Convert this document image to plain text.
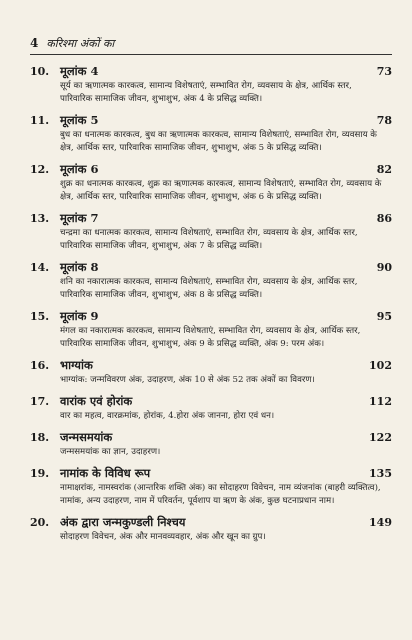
4 करिश्मा अंकों का
10. मूलांक 4	73
सूर्य का ऋणात्मक कारकत्व, सामान्य विशेषताएं, सम्भावित रोग, व्यवसाय के क्षेत्र, आर्थिक स्तर, पारिवारिक सामाजिक जीवन, शुभाशुभ, अंक 4 के प्रसिद्ध व्यक्ति।
11. मूलांक 5	78
बुध का धनात्मक कारकत्व, बुध का ऋणात्मक कारकत्व, सामान्य विशेषताएं, सम्भावित रोग, व्यवसाय के क्षेत्र, आर्थिक स्तर, पारिवारिक सामाजिक जीवन, शुभाशुभ, अंक 5 के प्रसिद्ध व्यक्ति।
12. मूलांक 6	82
शुक्र का धनात्मक कारकत्व, शुक्र का ऋणात्मक कारकत्व, सामान्य विशेषताएं, सम्भावित रोग, व्यवसाय के क्षेत्र, आर्थिक स्तर, पारिवारिक सामाजिक जीवन, शुभाशुभ, अंक 6 के प्रसिद्ध व्यक्ति।
13. मूलांक 7	86
चन्द्रमा का धनात्मक कारकत्व, सामान्य विशेषताएं, सम्भावित रोग, व्यवसाय के क्षेत्र, आर्थिक स्तर, पारिवारिक सामाजिक जीवन, शुभाशुभ, अंक 7 के प्रसिद्ध व्यक्ति।
14. मूलांक 8	90
शनि का नकारात्मक कारकत्व, सामान्य विशेषताएं, सम्भावित रोग, व्यवसाय के क्षेत्र, आर्थिक स्तर, पारिवारिक सामाजिक जीवन, शुभाशुभ, अंक 8 के प्रसिद्ध व्यक्ति।
15. मूलांक 9	95
मंगल का नकारात्मक कारकत्व, सामान्य विशेषताएं, सम्भावित रोग, व्यवसाय के क्षेत्र, आर्थिक स्तर, पारिवारिक सामाजिक जीवन, शुभाशुभ, अंक 9 के प्रसिद्ध व्यक्ति, अंक 9: परम अंक।
16. भाग्यांक	102
भाग्यांक: जन्मविवरण अंक, उदाहरण, अंक 10 से अंक 52 तक अंकों का विवरण।
17. वारांक एवं होरांक	112
वार का महत्व, वारक्रमांक, होरांक, 4.होरा अंक जानना, होरा एवं धन।
18. जन्मसमयांक	122
जन्मसमयांक का ज्ञान, उदाहरण।
19. नामांक के विविध रूप	135
नामाक्षरांक, नामस्वरांक (आन्तरिक शक्ति अंक) का सोदाहरण विवेचन, नाम व्यंजनांक (बाहरी व्यक्तित्व), नामांक, अन्य उदाहरण, नाम में परिवर्तन, पूर्वशाप या ऋण के अंक, कुछ घटनाप्रधान नाम।
20. अंक द्वारा जन्मकुण्डली निश्चय	149
सोदाहरण विवेचन, अंक और मानवव्यवहार, अंक और खून का ग्रुप।
